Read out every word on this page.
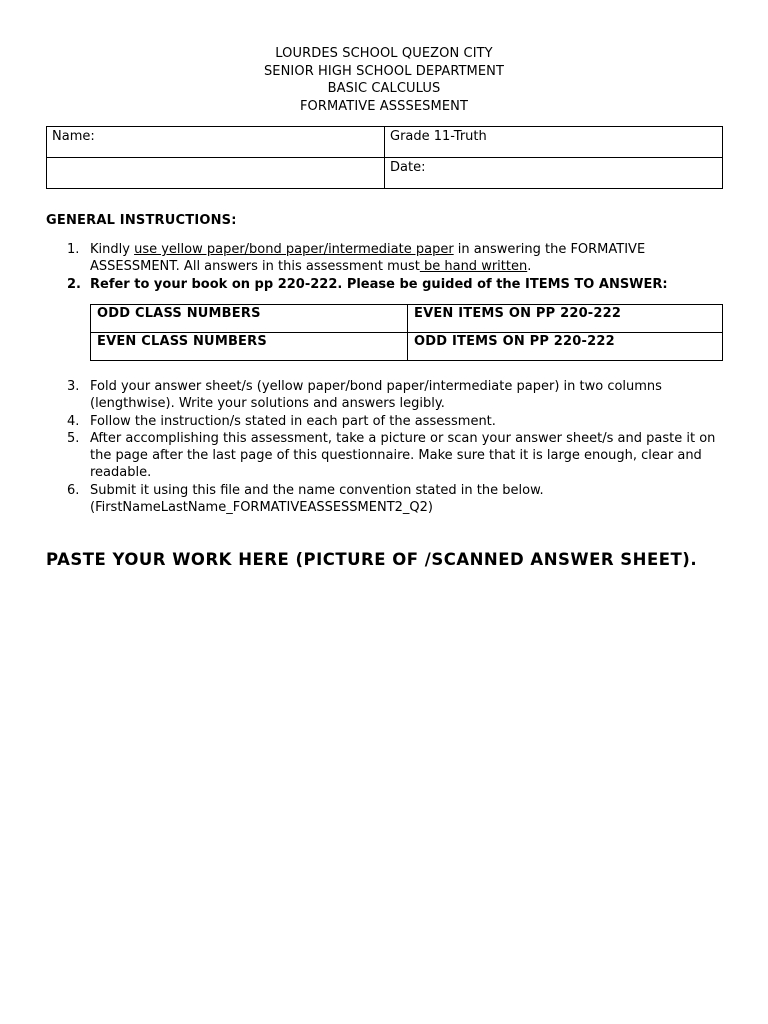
LOURDES SCHOOL QUEZON CITY
SENIOR HIGH SCHOOL DEPARTMENT
BASIC CALCULUS
FORMATIVE ASSSESMENT
Name:	Grade 11-Truth
	Date:
GENERAL INSTRUCTIONS:
1. Kindly use yellow paper/bond paper/intermediate paper in answering the FORMATIVE ASSESSMENT. All answers in this assessment must be hand written.
2. Refer to your book on pp 220-222. Please be guided of the ITEMS TO ANSWER:
ODD CLASS NUMBERS	EVEN ITEMS ON PP 220-222
EVEN CLASS NUMBERS	ODD ITEMS ON PP 220-222
3. Fold your answer sheet/s (yellow paper/bond paper/intermediate paper) in two columns (lengthwise). Write your solutions and answers legibly.
4. Follow the instruction/s stated in each part of the assessment.
5. After accomplishing this assessment, take a picture or scan your answer sheet/s and paste it on the page after the last page of this questionnaire. Make sure that it is large enough, clear and readable.
6. Submit it using this file and the name convention stated in the below.
(FirstNameLastName_FORMATIVEASSESSMENT2_Q2)
PASTE YOUR WORK HERE (PICTURE OF /SCANNED ANSWER SHEET).
